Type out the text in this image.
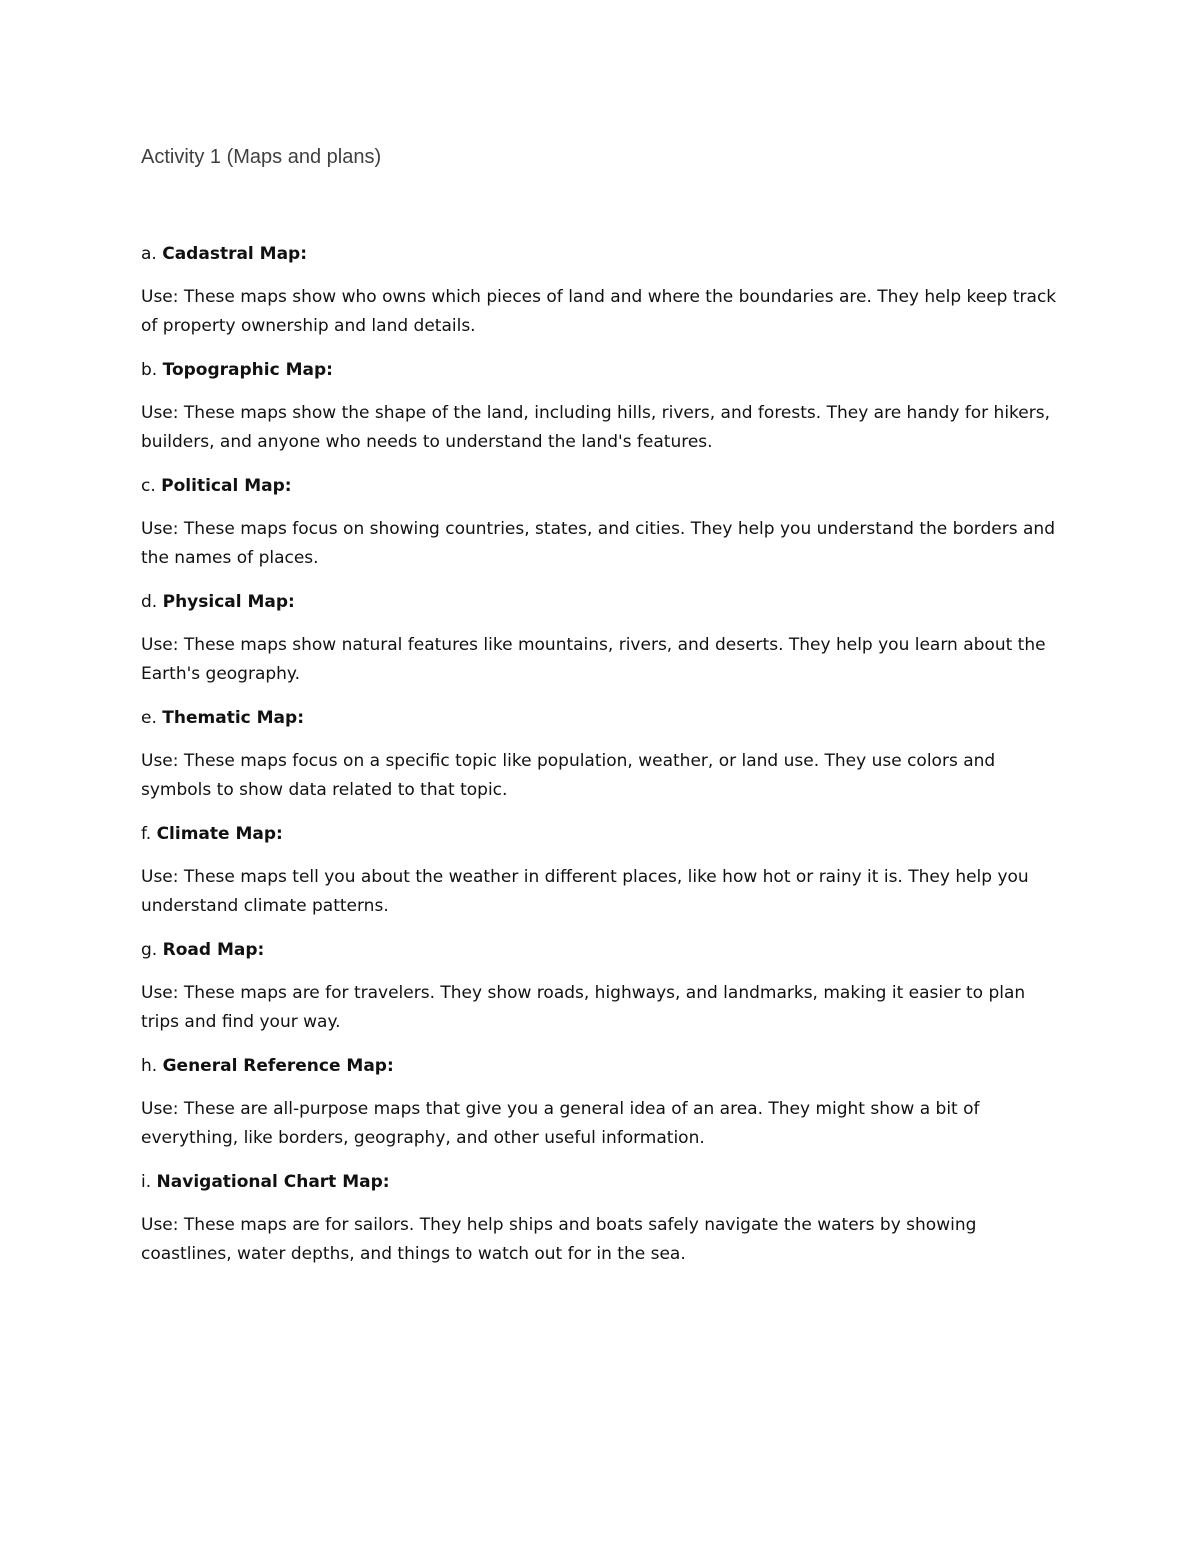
Activity 1 (Maps and plans)

a. Cadastral Map:

Use: These maps show who owns which pieces of land and where the boundaries are. They help keep track of property ownership and land details.

b. Topographic Map:

Use: These maps show the shape of the land, including hills, rivers, and forests. They are handy for hikers, builders, and anyone who needs to understand the land's features.

c. Political Map:

Use: These maps focus on showing countries, states, and cities. They help you understand the borders and the names of places.

d. Physical Map:

Use: These maps show natural features like mountains, rivers, and deserts. They help you learn about the Earth's geography.

e. Thematic Map:

Use: These maps focus on a specific topic like population, weather, or land use. They use colors and symbols to show data related to that topic.

f. Climate Map:

Use: These maps tell you about the weather in different places, like how hot or rainy it is. They help you understand climate patterns.

g. Road Map:

Use: These maps are for travelers. They show roads, highways, and landmarks, making it easier to plan trips and find your way.

h. General Reference Map:

Use: These are all-purpose maps that give you a general idea of an area. They might show a bit of everything, like borders, geography, and other useful information.

i. Navigational Chart Map:

Use: These maps are for sailors. They help ships and boats safely navigate the waters by showing coastlines, water depths, and things to watch out for in the sea.
